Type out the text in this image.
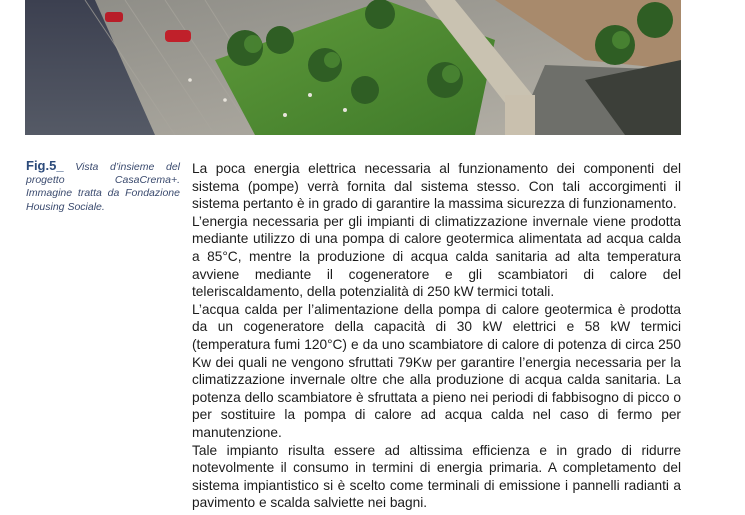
Fig.5_ Vista d’insieme del progetto CasaCrema+. Immagine tratta da Fondazione Housing Sociale.

La poca energia elettrica necessaria al funzionamento dei componenti del sistema (pompe) verrà fornita dal sistema stesso. Con tali accorgimenti il sistema pertanto è in grado di garantire la massima sicurezza di funzionamento.

L’energia necessaria per gli impianti di climatizzazione invernale viene prodotta mediante utilizzo di una pompa di calore geotermica alimentata ad acqua calda a 85°C, mentre la produzione di acqua calda sanitaria ad alta temperatura avviene mediante il cogeneratore e gli scambiatori di calore del teleriscaldamento, della potenzialità di 250 kW termici totali.

L’acqua calda per l’alimentazione della pompa di calore geotermica è prodotta da un cogeneratore della capacità di 30 kW elettrici e 58 kW termici (temperatura fumi 120°C) e da uno scambiatore di calore di potenza di circa 250 Kw dei quali ne vengono sfruttati 79Kw per garantire l’energia necessaria per la climatizzazione invernale oltre che alla produzione di acqua calda sanitaria. La potenza dello scambiatore è sfruttata a pieno nei periodi di fabbisogno di picco o per sostituire la pompa di calore ad acqua calda nel caso di fermo per manutenzione.

Tale impianto risulta essere ad altissima efficienza e in grado di ridurre notevolmente il consumo in termini di energia primaria. A completamento del sistema impiantistico si è scelto come terminali di emissione i pannelli radianti a pavimento e scalda salviette nei bagni.
